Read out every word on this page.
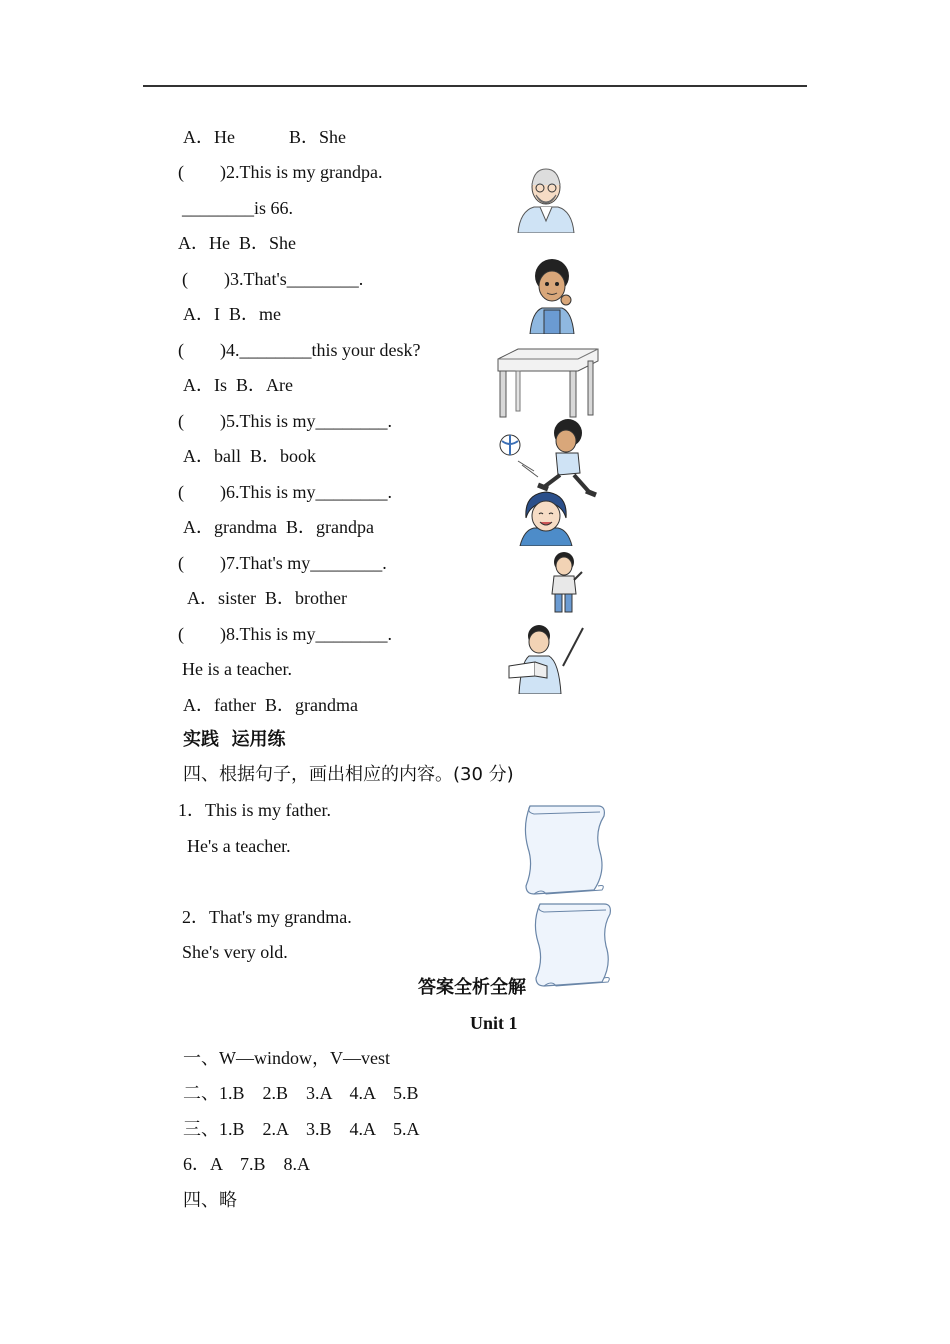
A．He　　　B．She
(　　)2.This is my grandpa.
________is 66.
A．He  B．She
(　　)3.That's________.
A．I  B．me
(　　)4.________this your desk?
A．Is  B．Are
(　　)5.This is my________.
A．ball  B．book
(　　)6.This is my________.
A．grandma  B．grandpa
(　　)7.That's my________.
A．sister  B．brother
(　　)8.This is my________.
He is a teacher.
A．father  B．grandma
实践  运用练
四、根据句子，画出相应的内容。(30 分)
1．This is my father.
He's a teacher.
2．That's my grandma.
She's very old.
答案全析全解
Unit 1
一、W—window，V—vest
二、1.B　2.B　3.A　4.A　5.B
三、1.B　2.A　3.B　4.A　5.A
6．A　7.B　8.A
四、略
